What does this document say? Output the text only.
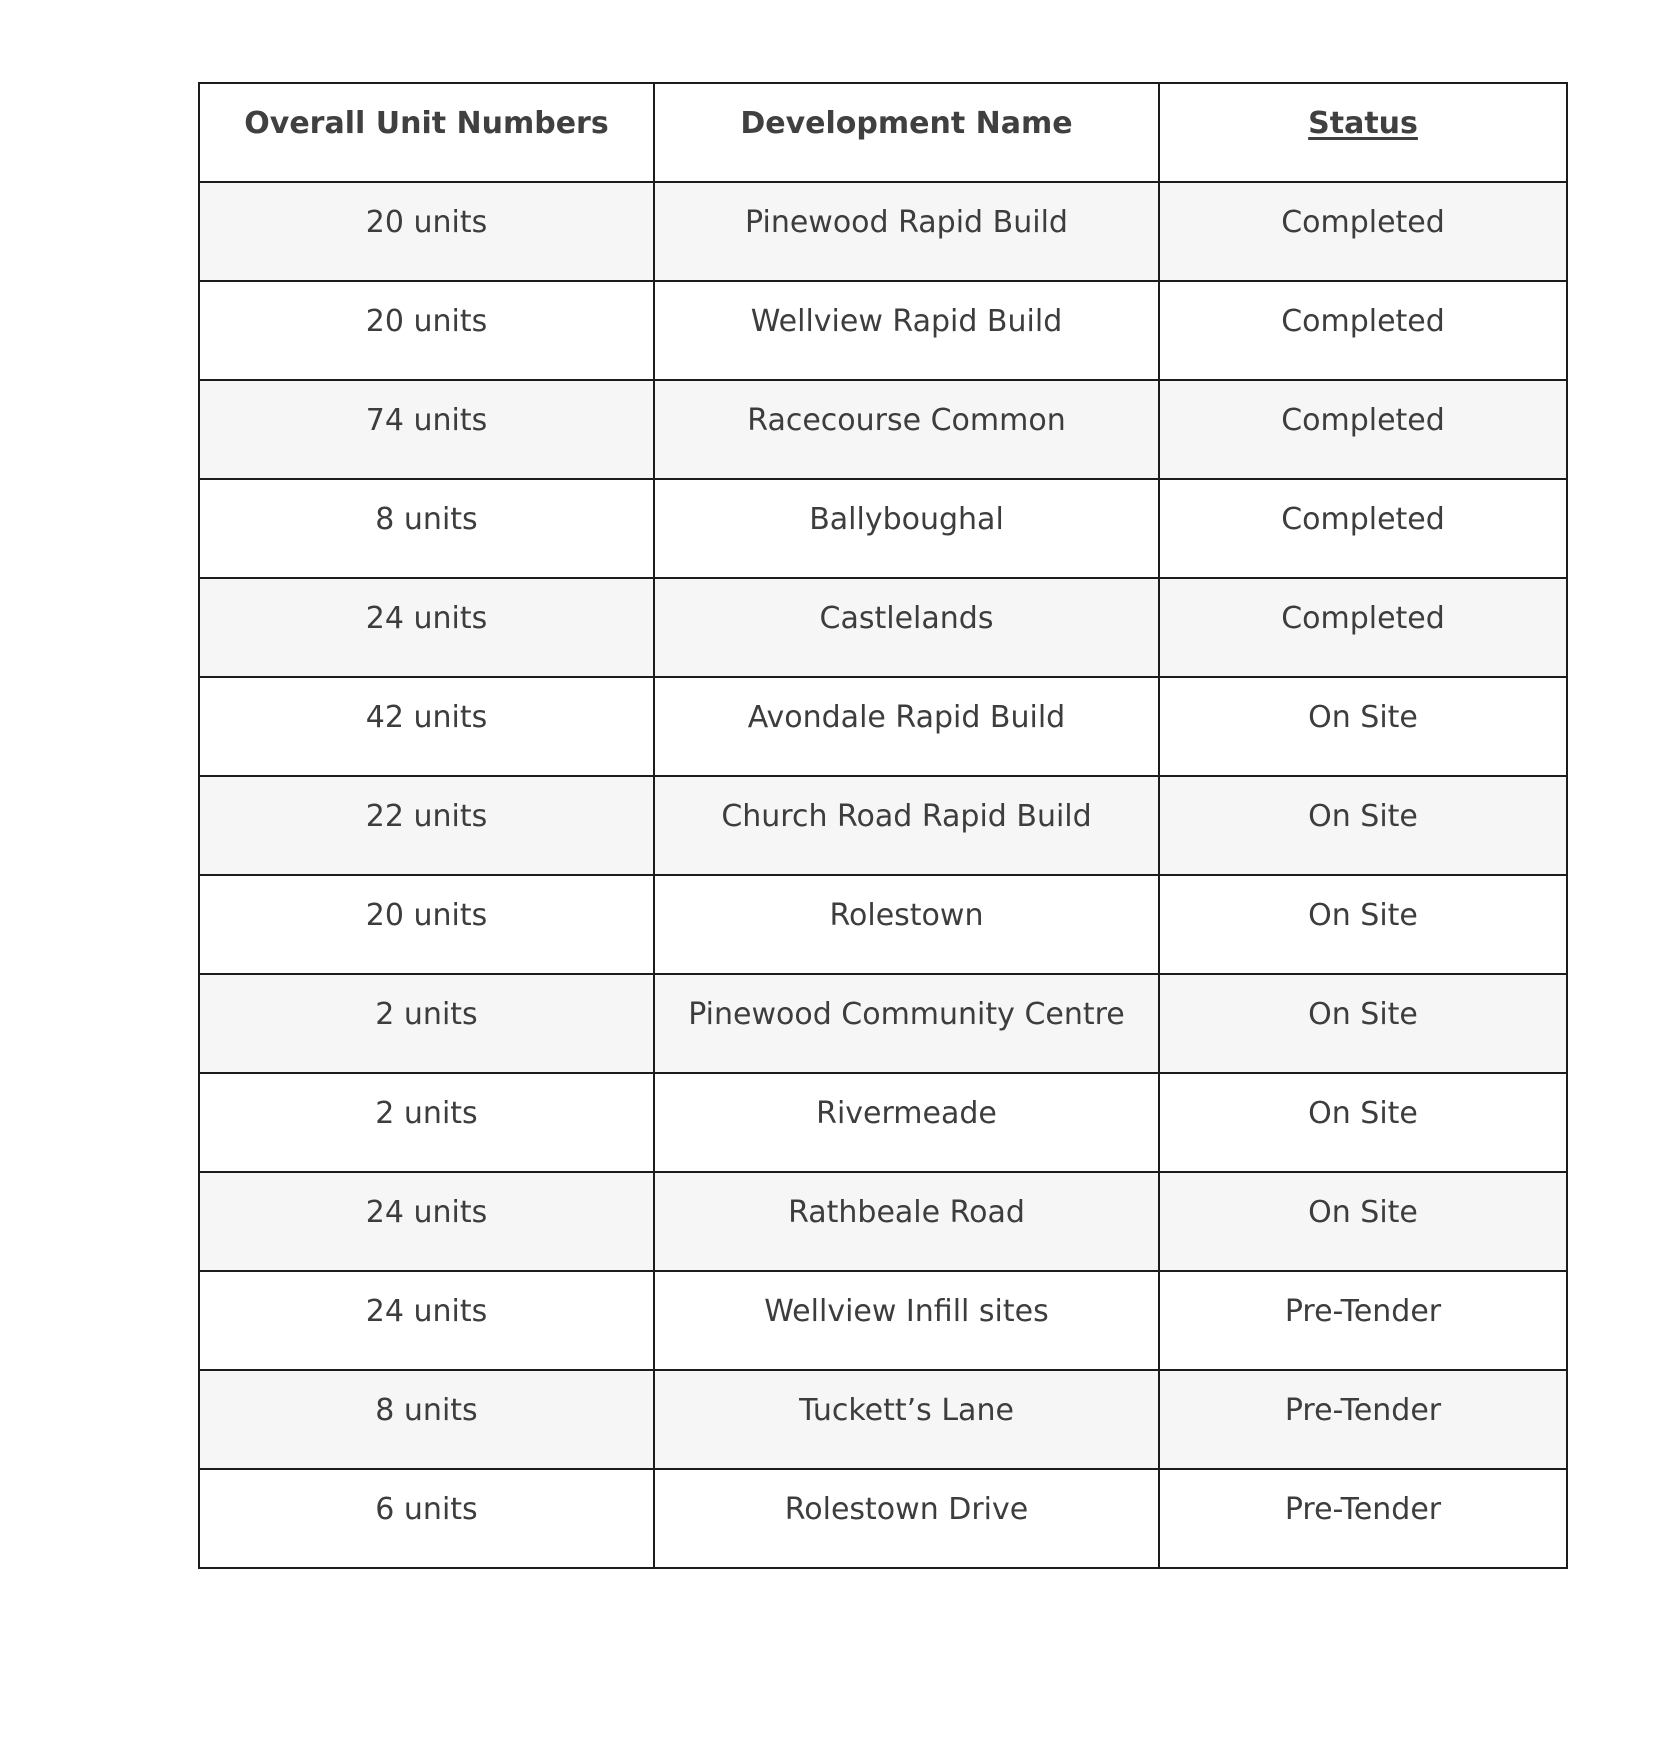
Overall Unit Numbers	Development Name	Status
20 units	Pinewood Rapid Build	Completed
20 units	Wellview Rapid Build	Completed
74 units	Racecourse Common	Completed
8 units	Ballyboughal	Completed
24 units	Castlelands	Completed
42 units	Avondale Rapid Build	On Site
22 units	Church Road Rapid Build	On Site
20 units	Rolestown	On Site
2 units	Pinewood Community Centre	On Site
2 units	Rivermeade	On Site
24 units	Rathbeale Road	On Site
24 units	Wellview Infill sites	Pre-Tender
8 units	Tuckett’s Lane	Pre-Tender
6 units	Rolestown Drive	Pre-Tender
